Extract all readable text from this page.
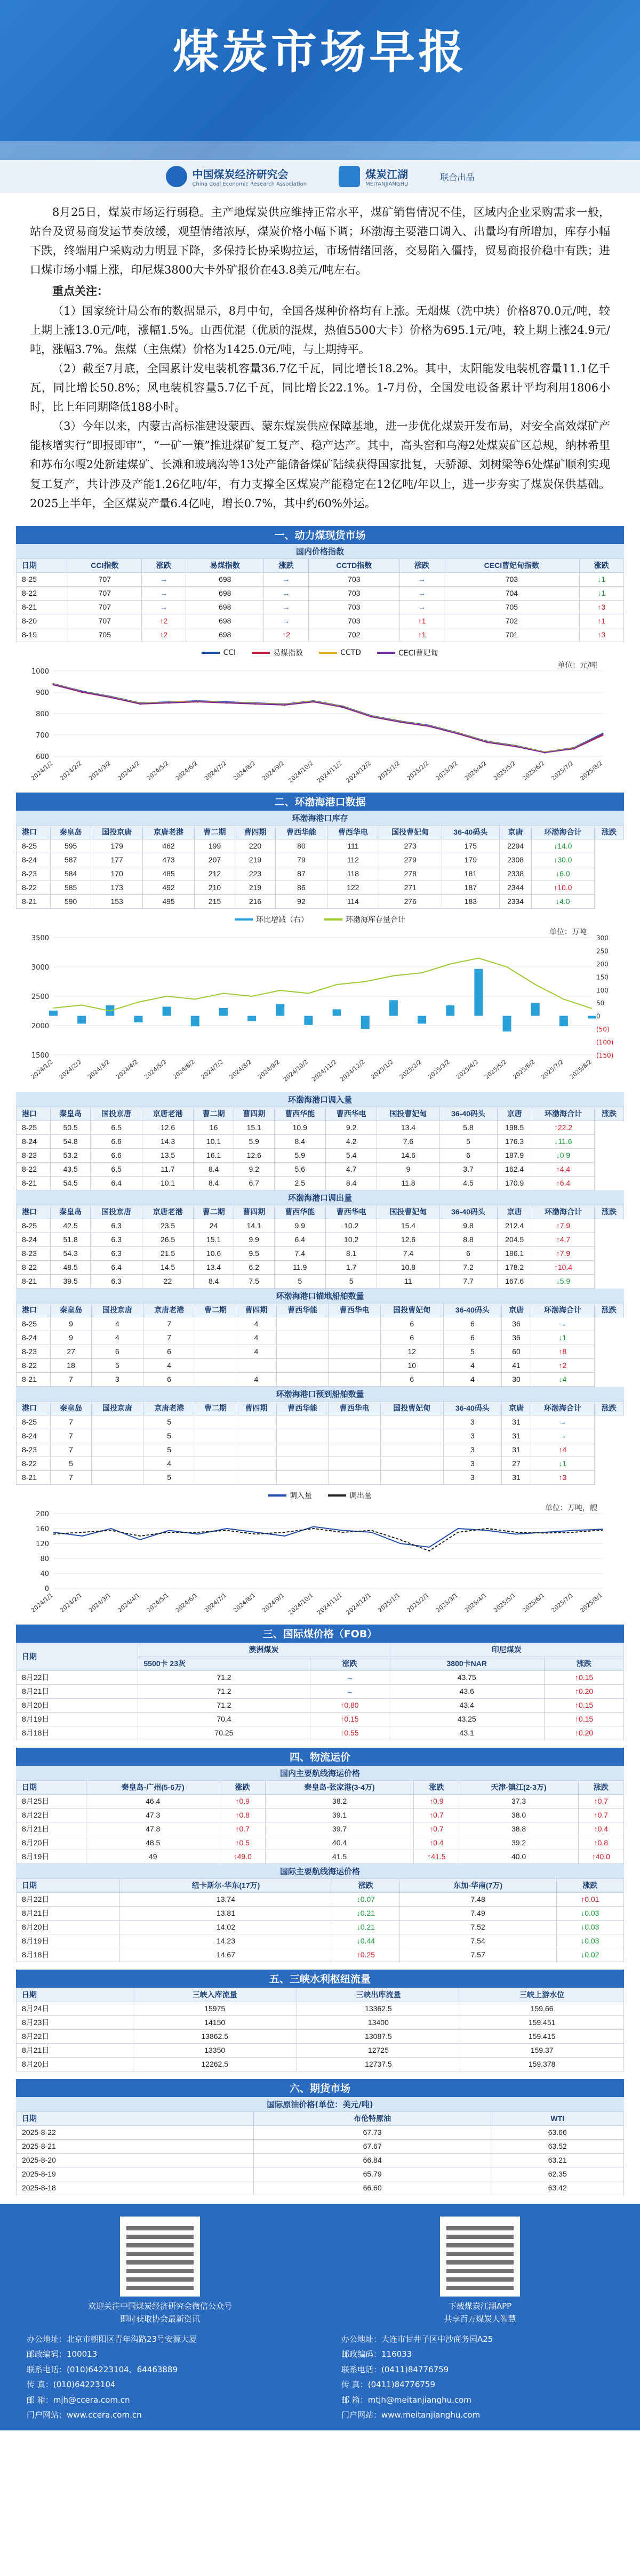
煤炭市场早报
中国煤炭经济研究会
China Coal Economic Research Association
煤炭江湖
MEITANJIANGHU
联合出品

8月25日，煤炭市场运行弱稳。主产地煤炭供应维持正常水平，煤矿销售情况不佳，区域内企业采购需求一般，站台及贸易商发运节奏放缓，观望情绪浓厚，煤炭价格小幅下调；环渤海主要港口调入、出量均有所增加，库存小幅下跌，终端用户采购动力明显下降，多保持长协采购拉运，市场情绪回落，交易陷入僵持，贸易商报价稳中有跌；进口煤市场小幅上涨，印尼煤3800大卡外矿报价在43.8美元/吨左右。

重点关注：

（1）国家统计局公布的数据显示，8月中旬，全国各煤种价格均有上涨。无烟煤（洗中块）价格870.0元/吨，较上期上涨13.0元/吨，涨幅1.5%。山西优混（优质的混煤，热值5500大卡）价格为695.1元/吨，较上期上涨24.9元/吨，涨幅3.7%。焦煤（主焦煤）价格为1425.0元/吨，与上期持平。

（2）截至7月底，全国累计发电装机容量36.7亿千瓦，同比增长18.2%。其中，太阳能发电装机容量11.1亿千瓦，同比增长50.8%；风电装机容量5.7亿千瓦，同比增长22.1%。1-7月份，全国发电设备累计平均利用1806小时，比上年同期降低188小时。

（3）今年以来，内蒙古高标准建设蒙西、蒙东煤炭供应保障基地，进一步优化煤炭开发布局，对安全高效煤矿产能核增实行“即报即审”，“一矿一策”推进煤矿复工复产、稳产达产。其中，高头窑和乌海2处煤炭矿区总规，纳林希里和苏布尔嘎2处新建煤矿、长滩和玻璃沟等13处产能储备煤矿陆续获得国家批复，天骄源、刘树梁等6处煤矿顺利实现复工复产，共计涉及产能1.26亿吨/年，有力支撑全区煤炭产能稳定在12亿吨/年以上，进一步夯实了煤炭保供基础。2025上半年，全区煤炭产量6.4亿吨，增长0.7%，其中约60%外运。

一、动力煤现货市场
国内价格指数
日期	CCI指数	涨跌	易煤指数	涨跌	CCTD指数	涨跌	CECI曹妃甸指数	涨跌
8-25	707	→	698	→	703	→	703	↓1
8-22	707	→	698	→	703	→	704	↓1
8-21	707	→	698	→	703	→	705	↑3
8-20	707	↑2	698	→	703	↑1	702	↑1
8-19	705	↑2	698	↑2	702	↑1	701	↑3
CCI	易煤指数	CCTD	CECI曹妃甸
1000
900
800
700
600
单位：元/吨
2024/1/2 2024/2/2 2024/3/2 2024/4/2 2024/5/2 2024/6/2 2024/7/2 2024/8/2 2024/9/2 2024/10/2 2024/11/2 2024/12/2 2025/1/2 2025/2/2 2025/3/2 2025/4/2 2025/5/2 2025/6/2 2025/7/2 2025/8/2
二、环渤海港口数据
环渤海港口库存
港口	秦皇岛	国投京唐	京唐老港	曹二期	曹四期	曹西华能	曹西华电	国投曹妃甸	36-40码头	京唐	环渤海合计	涨跌
8-25	595	179	462	199	220	80	111	273	175	2294	↓14.0	
8-24	587	177	473	207	219	79	112	279	179	2308	↓30.0	
8-23	584	170	485	212	223	87	118	278	181	2338	↓6.0	
8-22	585	173	492	210	219	86	122	271	187	2344	↑10.0	
8-21	590	153	495	215	216	92	114	276	183	2334	↓4.0	
环比增减（右）	环渤海库存量合计
3500
3000
2500
2000
1500
300
250
200
150
100
50
0
(50)
(100)
(150)
单位：万吨
2024/1/2 2024/2/2 2024/3/2 2024/4/2 2024/5/2 2024/6/2 2024/7/2 2024/8/2 2024/9/2 2024/10/2 2024/11/2 2024/12/2 2025/1/2 2025/2/2 2025/3/2 2025/4/2 2025/5/2 2025/6/2 2025/7/2 2025/8/2
环渤海港口调入量
港口	秦皇岛	国投京唐	京唐老港	曹二期	曹四期	曹西华能	曹西华电	国投曹妃甸	36-40码头	京唐	环渤海合计	涨跌
8-25	50.5	6.5	12.6	16	15.1	10.9	9.2	13.4	5.8	198.5	↑22.2	
8-24	54.8	6.6	14.3	10.1	5.9	8.4	4.2	7.6	5	176.3	↓11.6	
8-23	53.2	6.6	13.5	16.1	12.6	5.9	5.4	14.6	6	187.9	↓0.9	
8-22	43.5	6.5	11.7	8.4	9.2	5.6	4.7	9	3.7	162.4	↑4.4	
8-21	54.5	6.4	10.1	8.4	6.7	2.5	8.4	11.8	4.5	170.9	↑6.4	
环渤海港口调出量
港口	秦皇岛	国投京唐	京唐老港	曹二期	曹四期	曹西华能	曹西华电	国投曹妃甸	36-40码头	京唐	环渤海合计	涨跌
8-25	42.5	6.3	23.5	24	14.1	9.9	10.2	15.4	9.8	212.4	↑7.9	
8-24	51.8	6.3	26.5	15.1	9.9	6.4	10.2	12.6	8.8	204.5	↑4.7	
8-23	54.3	6.3	21.5	10.6	9.5	7.4	8.1	7.4	6	186.1	↑7.9	
8-22	48.5	6.4	14.5	13.4	6.2	11.9	1.7	10.8	7.2	178.2	↑10.4	
8-21	39.5	6.3	22	8.4	7.5	5	5	11	7.7	167.6	↓5.9	
环渤海港口锚地船舶数量
港口	秦皇岛	国投京唐	京唐老港	曹二期	曹四期	曹西华能	曹西华电	国投曹妃甸	36-40码头	京唐	环渤海合计	涨跌
8-25	9	4	7		4			6	6	36	→	
8-24	9	4	7		4			6	6	36	↓1	
8-23	27	6	6		4			12	5	60	↑8	
8-22	18	5	4					10	4	41	↑2	
8-21	7	3	6		4			6	4	30	↓4	
环渤海港口预到船舶数量
港口	秦皇岛	国投京唐	京唐老港	曹二期	曹四期	曹西华能	曹西华电	国投曹妃甸	36-40码头	京唐	环渤海合计	涨跌
8-25	7		5						3	31	→	
8-24	7		5						3	31	→	
8-23	7		5						3	31	↑4	
8-22	5		4						3	27	↓1	
8-21	7		5						3	31	↑3	
调入量	调出量
200
160
120
80
40
0
单位：万吨，艘
2024/1/1 2024/2/1 2024/3/1 2024/4/1 2024/5/1 2024/6/1 2024/7/1 2024/8/1 2024/9/1 2024/10/1 2024/11/1 2024/12/1 2025/1/1 2025/2/1 2025/3/1 2025/4/1 2025/5/1 2025/6/1 2025/7/1 2025/8/1
三、国际煤价格（FOB）
日期	澳洲煤炭		印尼煤炭	
	5500卡 23灰	涨跌	3800卡NAR	涨跌
8月22日	71.2	→	43.75	↑0.15
8月21日	71.2	→	43.6	↑0.20
8月20日	71.2	↑0.80	43.4	↑0.15
8月19日	70.4	↑0.15	43.25	↑0.15
8月18日	70.25	↑0.55	43.1	↑0.20
四、物流运价
国内主要航线海运价格
日期	秦皇岛-广州(5-6万)	涨跌	秦皇岛-张家港(3-4万)	涨跌	天津-镇江(2-3万)	涨跌
8月25日	46.4	↑0.9	38.2	↑0.9	37.3	↑0.7
8月22日	47.3	↑0.8	39.1	↑0.7	38.0	↑0.7
8月21日	47.8	↑0.7	39.7	↑0.7	38.8	↑0.4
8月20日	48.5	↑0.5	40.4	↑0.4	39.2	↑0.8
8月19日	49	↑49.0	41.5	↑41.5	40.0	↑40.0
国际主要航线海运价格
日期	纽卡斯尔-华东(17万)	涨跌	东加-华南(7万)	涨跌
8月22日	13.74	↓0.07	7.48	↑0.01
8月21日	13.81	↓0.21	7.49	↓0.03
8月20日	14.02	↓0.21	7.52	↓0.03
8月19日	14.23	↓0.44	7.54	↓0.03
8月18日	14.67	↑0.25	7.57	↓0.02
五、三峡水利枢纽流量
日期	三峡入库流量	三峡出库流量	三峡上游水位
8月24日	15975	13362.5	159.66
8月23日	14150	13400	159.451
8月22日	13862.5	13087.5	159.415
8月21日	13350	12725	159.37
8月20日	12262.5	12737.5	159.378
六、期货市场
国际原油价格(单位：美元/吨)
日期	布伦特原油	WTI
2025-8-22	67.73	63.66
2025-8-21	67.67	63.52
2025-8-20	66.84	63.21
2025-8-19	65.79	62.35
2025-8-18	66.60	63.42
欢迎关注中国煤炭经济研究会微信公众号
即时获取协会最新资讯
下载煤炭江湖APP
共享百万煤炭人智慧
办公地址：北京市朝阳区青年沟路23号安源大厦
邮政编码：100013
联系电话：(010)64223104、64463889
传 真：(010)64223104
邮 箱：mjh@ccera.com.cn
门户网站：www.ccera.com.cn
办公地址：大连市甘井子区中沙商务园A25
邮政编码：116033
联系电话：(0411)84776759
传 真：(0411)84776759
邮 箱：mtjh@meitanjianghu.com
门户网站：www.meitanjianghu.com
